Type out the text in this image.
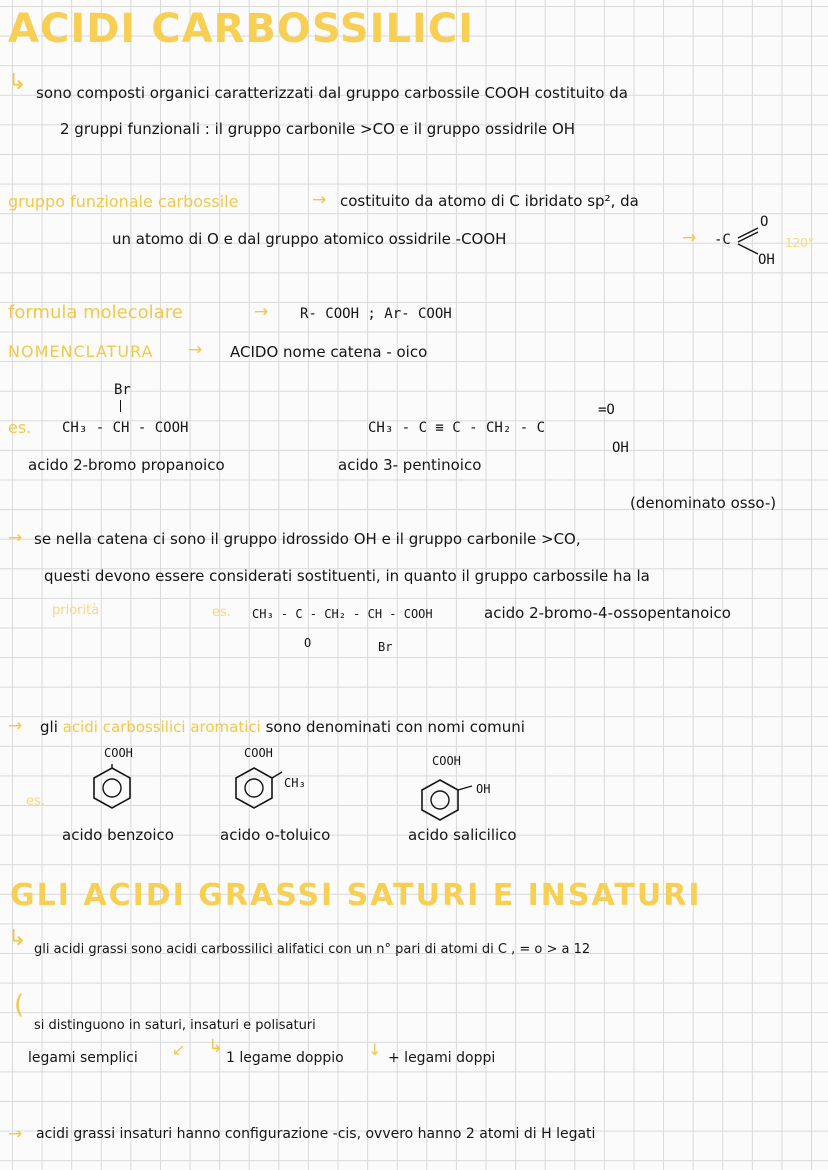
ACIDI CARBOSSILICI
↳ sono composti organici caratterizzati dal gruppo carbossile COOH costituito da
2 gruppi funzionali : il gruppo carbonile >CO e il gruppo ossidrile OH
gruppo funzionale carbossile	→ costituito da atomo di C ibridato sp², da
un atomo di O e dal gruppo atomico ossidrile -COOH	→ -C
O
OH
120°
formula molecolare	→ R- COOH ; Ar- COOH
NOMENCLATURA → ACIDO nome catena - oico
Br
es. CH₃ - CH - COOH
acido 2-bromo propanoico
CH₃ - C ≡ C - CH₂ - C
=O
OH
acido 3- pentinoico
(denominato osso-)
→ se nella catena ci sono il gruppo idrossido OH e il gruppo carbonile >CO,
questi devono essere considerati sostituenti, in quanto il gruppo carbossile ha la
priorità	es. CH₃ - C - CH₂ - CH - COOH
O	Br
acido 2-bromo-4-ossopentanoico
→ gli acidi carbossilici aromatici sono denominati con nomi comuni
COOH	COOH
COOH
CH₃	OH
es.
acido benzoico	acido o-toluico	acido salicilico
GLI ACIDI GRASSI SATURI E INSATURI
↳ gli acidi grassi sono acidi carbossilici alifatici con un n° pari di atomi di C , = o > a 12
(
si distinguono in saturi, insaturi e polisaturi
legami semplici ↙ ↳
1 legame doppio ↓ + legami doppi
→ acidi grassi insaturi hanno configurazione -cis, ovvero hanno 2 atomi di H legati
